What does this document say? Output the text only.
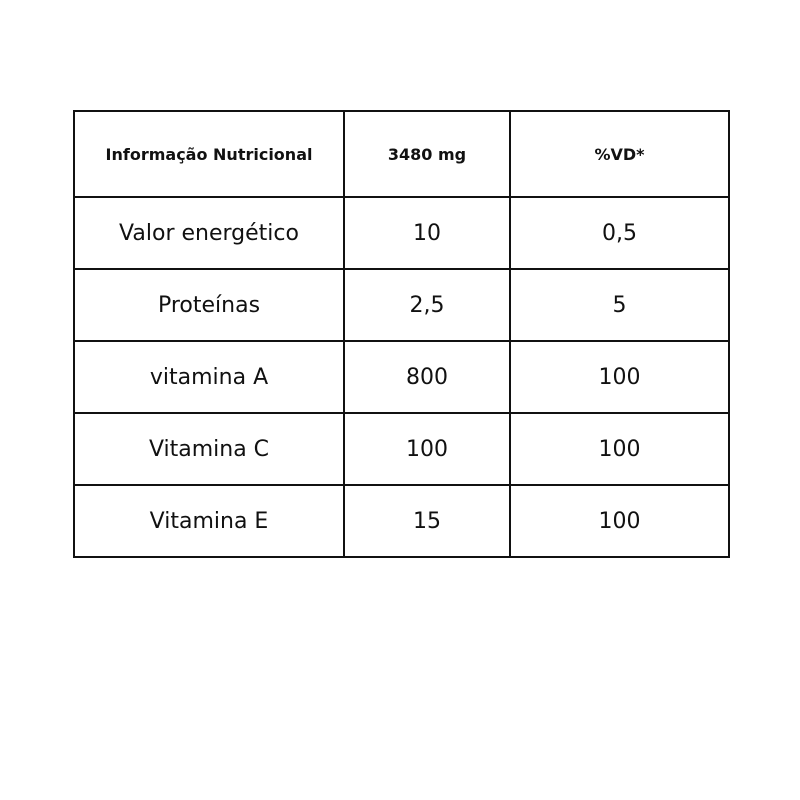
Informação Nutricional	3480 mg	%VD*
Valor energético	10	0,5
Proteínas	2,5	5
vitamina A	800	100
Vitamina C	100	100
Vitamina E	15	100
